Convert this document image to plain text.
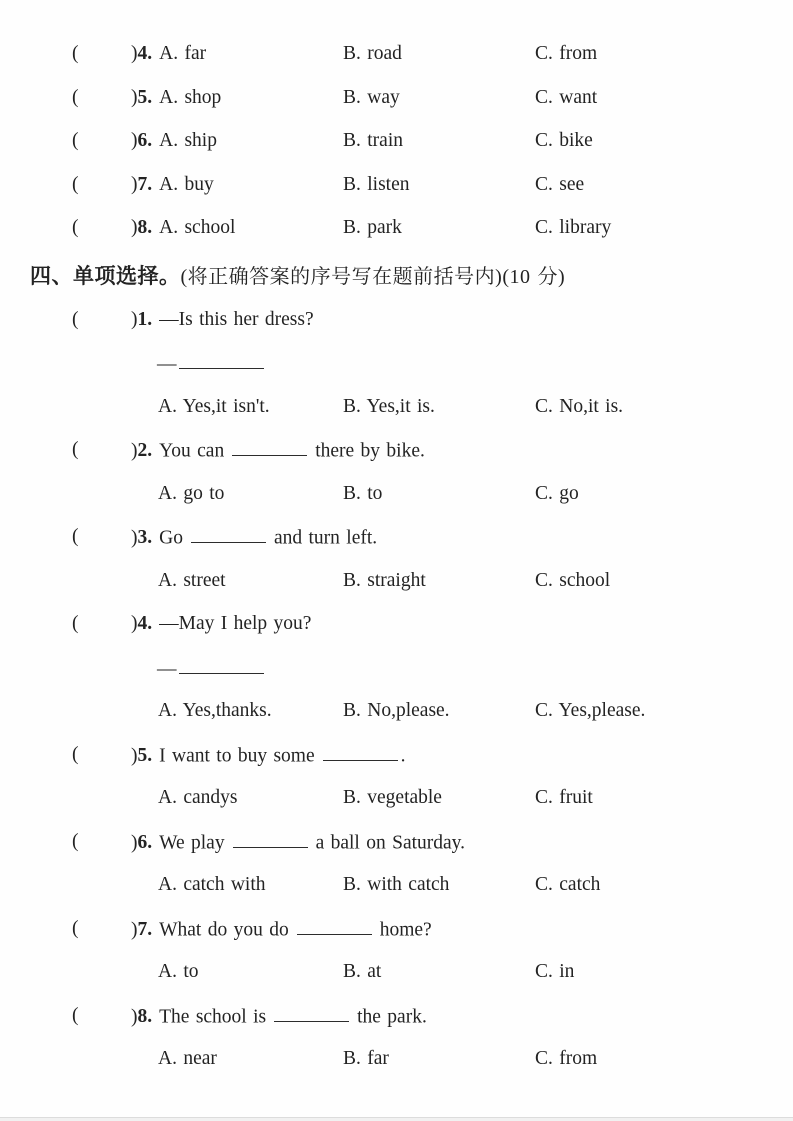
(	)4. A. far	B. road	C. from
(	)5. A. shop	B. way	C. want
(	)6. A. ship	B. train	C. bike
(	)7. A. buy	B. listen	C. see
(	)8. A. school	B. park	C. library
四、单项选择。(将正确答案的序号写在题前括号内)(10 分)
(	)1. —Is this her dress?
—
A. Yes,it isn't.	B. Yes,it is.	C. No,it is.
(	)2. You can	there by bike.
A. go to	B. to	C. go
(	)3. Go	and turn left.
A. street	B. straight	C. school
(	)4. —May I help you?
—
A. Yes,thanks.	B. No,please.	C. Yes,please.
(	)5. I want to buy some	.
A. candys	B. vegetable	C. fruit
(	)6. We play	a ball on Saturday.
A. catch with	B. with catch	C. catch
(	)7. What do you do	home?
A. to	B. at	C. in
(	)8. The school is	the park.
A. near	B. far	C. from
